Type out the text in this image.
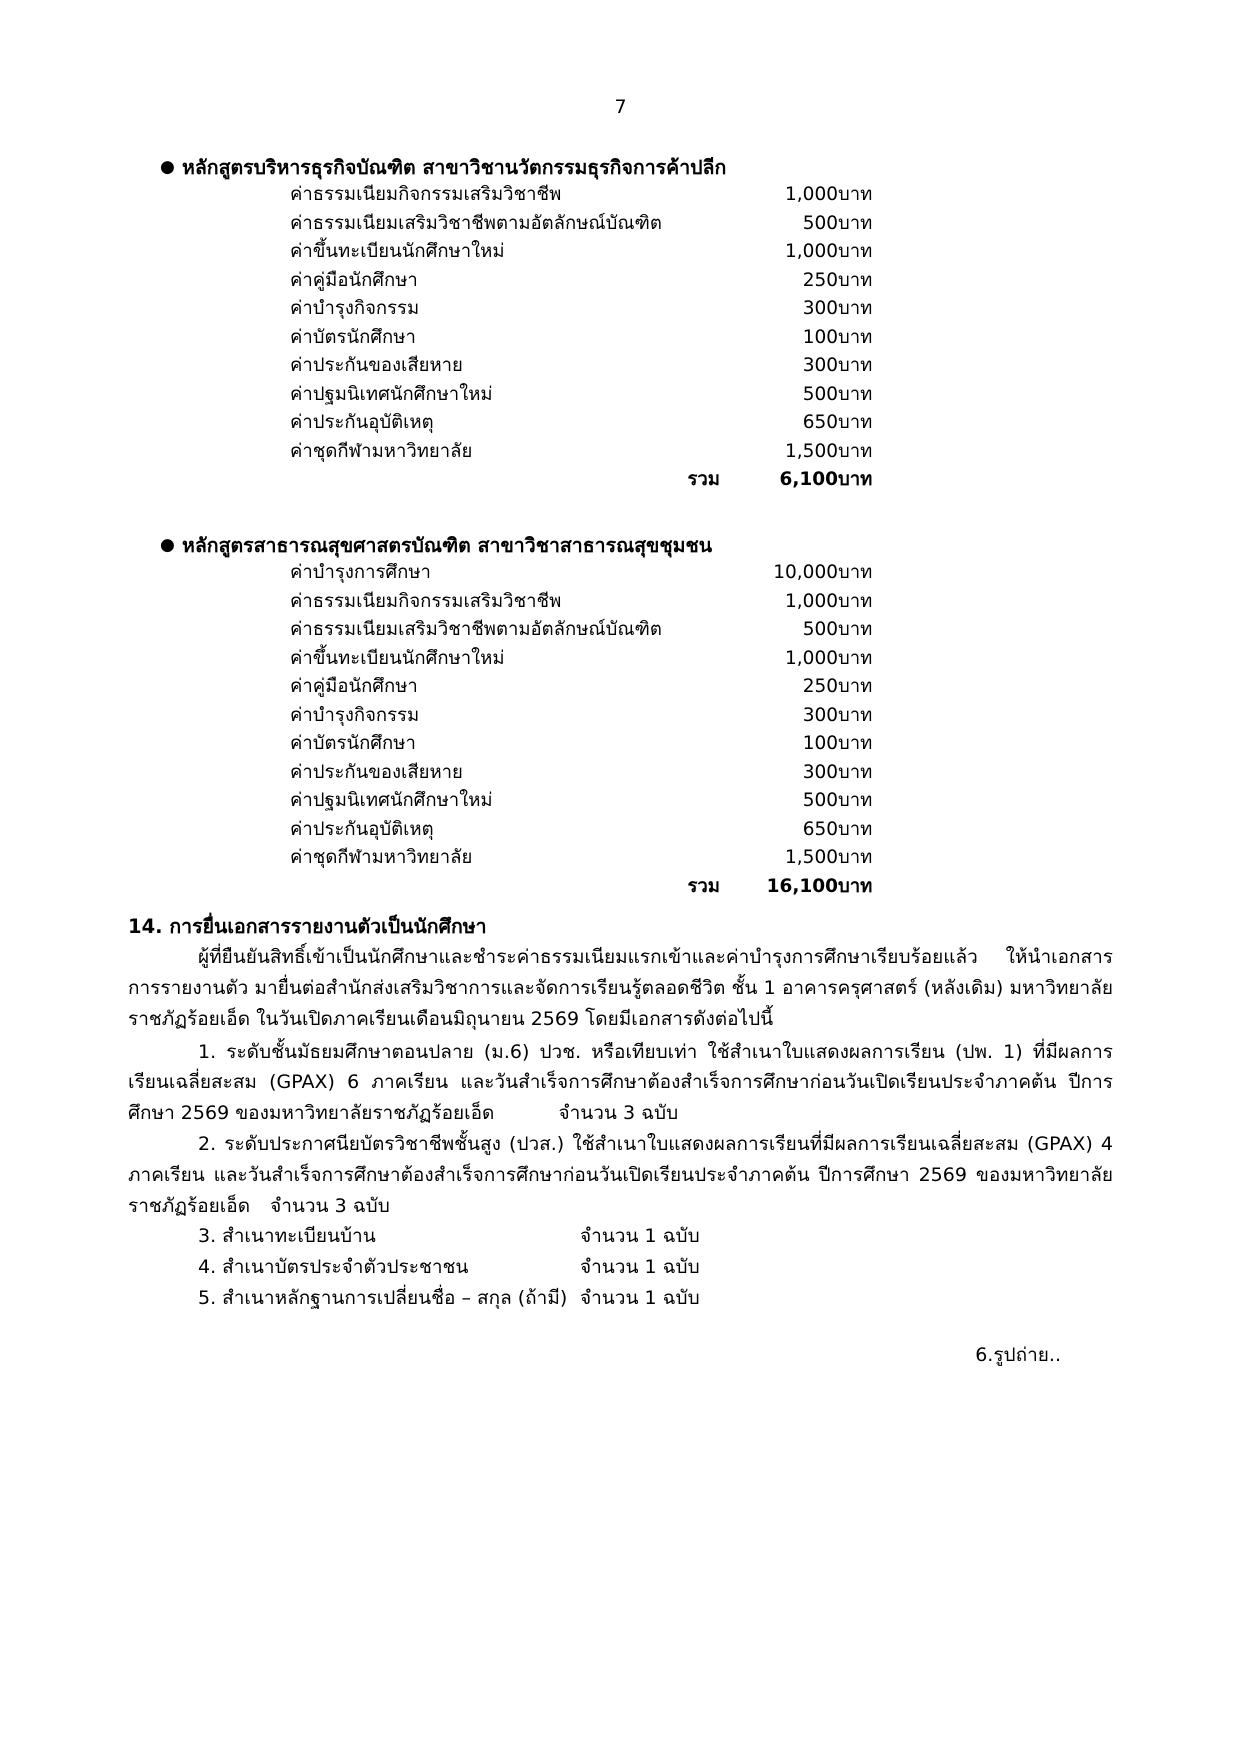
7
● หลักสูตรบริหารธุรกิจบัณฑิต สาขาวิชานวัตกรรมธุรกิจการค้าปลีก
ค่าธรรมเนียมกิจกรรมเสริมวิชาชีพ	1,000	บาท
ค่าธรรมเนียมเสริมวิชาชีพตามอัตลักษณ์บัณฑิต	500	บาท
ค่าขึ้นทะเบียนนักศึกษาใหม่	1,000	บาท
ค่าคู่มือนักศึกษา	250	บาท
ค่าบำรุงกิจกรรม	300	บาท
ค่าบัตรนักศึกษา	100	บาท
ค่าประกันของเสียหาย	300	บาท
ค่าปฐมนิเทศนักศึกษาใหม่	500	บาท
ค่าประกันอุบัติเหตุ	650	บาท
ค่าชุดกีฬามหาวิทยาลัย	1,500	บาท
รวม	6,100	บาท
● หลักสูตรสาธารณสุขศาสตรบัณฑิต สาขาวิชาสาธารณสุขชุมชน
ค่าบำรุงการศึกษา	10,000	บาท
ค่าธรรมเนียมกิจกรรมเสริมวิชาชีพ	1,000	บาท
ค่าธรรมเนียมเสริมวิชาชีพตามอัตลักษณ์บัณฑิต	500	บาท
ค่าขึ้นทะเบียนนักศึกษาใหม่	1,000	บาท
ค่าคู่มือนักศึกษา	250	บาท
ค่าบำรุงกิจกรรม	300	บาท
ค่าบัตรนักศึกษา	100	บาท
ค่าประกันของเสียหาย	300	บาท
ค่าปฐมนิเทศนักศึกษาใหม่	500	บาท
ค่าประกันอุบัติเหตุ	650	บาท
ค่าชุดกีฬามหาวิทยาลัย	1,500	บาท
รวม	16,100	บาท
14. การยื่นเอกสารรายงานตัวเป็นนักศึกษา
ผู้ที่ยืนยันสิทธิ์เข้าเป็นนักศึกษาและชำระค่าธรรมเนียมแรกเข้าและค่าบำรุงการศึกษาเรียบร้อยแล้ว ให้นำเอกสารการรายงานตัว มายื่นต่อสำนักส่งเสริมวิชาการและจัดการเรียนรู้ตลอดชีวิต ชั้น 1 อาคารครุศาสตร์ (หลังเดิม) มหาวิทยาลัยราชภัฏร้อยเอ็ด ในวันเปิดภาคเรียนเดือนมิถุนายน 2569 โดยมีเอกสารดังต่อไปนี้
1. ระดับชั้นมัธยมศึกษาตอนปลาย (ม.6) ปวช. หรือเทียบเท่า ใช้สำเนาใบแสดงผลการเรียน (ปพ. 1) ที่มีผลการเรียนเฉลี่ยสะสม (GPAX) 6 ภาคเรียน และวันสำเร็จการศึกษาต้องสำเร็จการศึกษาก่อนวันเปิดเรียนประจำภาคต้น ปีการศึกษา 2569 ของมหาวิทยาลัยราชภัฏร้อยเอ็ด	จำนวน 3 ฉบับ
2. ระดับประกาศนียบัตรวิชาชีพชั้นสูง (ปวส.) ใช้สำเนาใบแสดงผลการเรียนที่มีผลการเรียนเฉลี่ยสะสม (GPAX) 4 ภาคเรียน และวันสำเร็จการศึกษาต้องสำเร็จการศึกษาก่อนวันเปิดเรียนประจำภาคต้น ปีการศึกษา 2569 ของมหาวิทยาลัยราชภัฏร้อยเอ็ด จำนวน 3 ฉบับ
3. สำเนาทะเบียนบ้าน	จำนวน 1 ฉบับ
4. สำเนาบัตรประจำตัวประชาชน	จำนวน 1 ฉบับ
5. สำเนาหลักฐานการเปลี่ยนชื่อ – สกุล (ถ้ามี) จำนวน 1 ฉบับ
6.รูปถ่าย..
